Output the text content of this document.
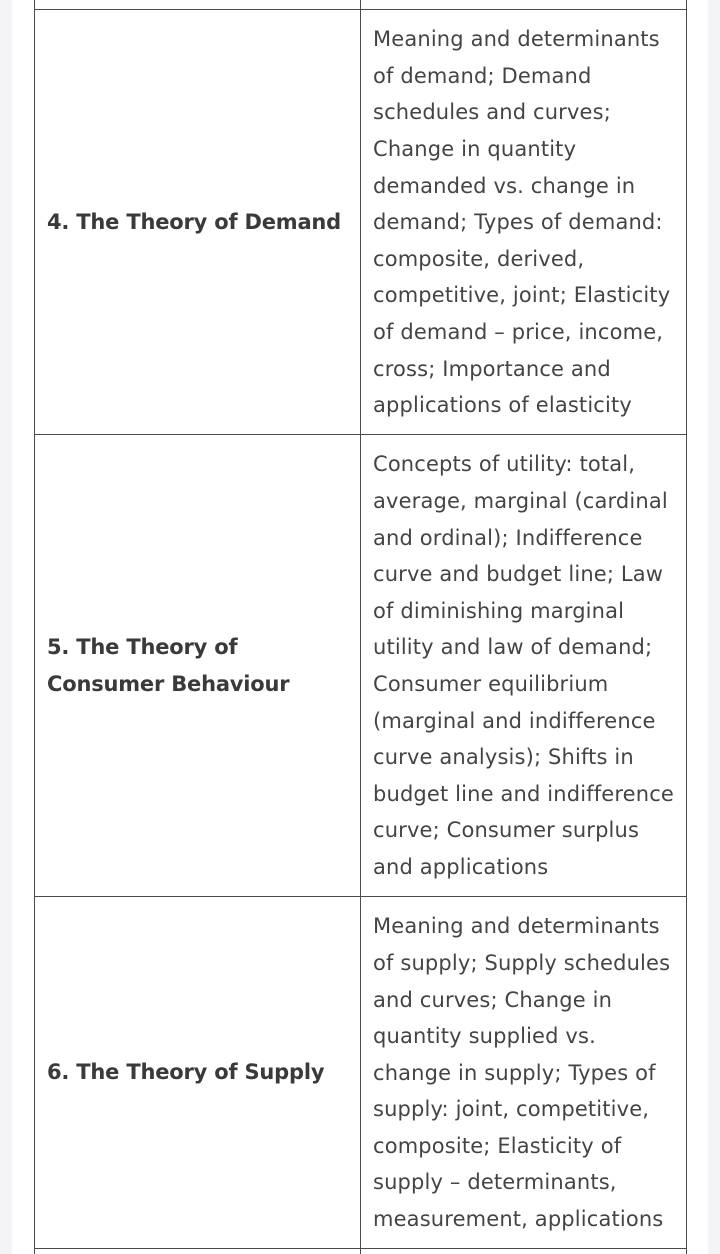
4. The Theory of Demand	Meaning and determinants of demand; Demand schedules and curves; Change in quantity demanded vs. change in demand; Types of demand: composite, derived, competitive, joint; Elasticity of demand – price, income, cross; Importance and applications of elasticity

5. The Theory of Consumer Behaviour	Concepts of utility: total, average, marginal (cardinal and ordinal); Indifference curve and budget line; Law of diminishing marginal utility and law of demand; Consumer equilibrium (marginal and indifference curve analysis); Shifts in budget line and indifference curve; Consumer surplus and applications

6. The Theory of Supply	Meaning and determinants of supply; Supply schedules and curves; Change in quantity supplied vs. change in supply; Types of supply: joint, competitive, composite; Elasticity of supply – determinants, measurement, applications
